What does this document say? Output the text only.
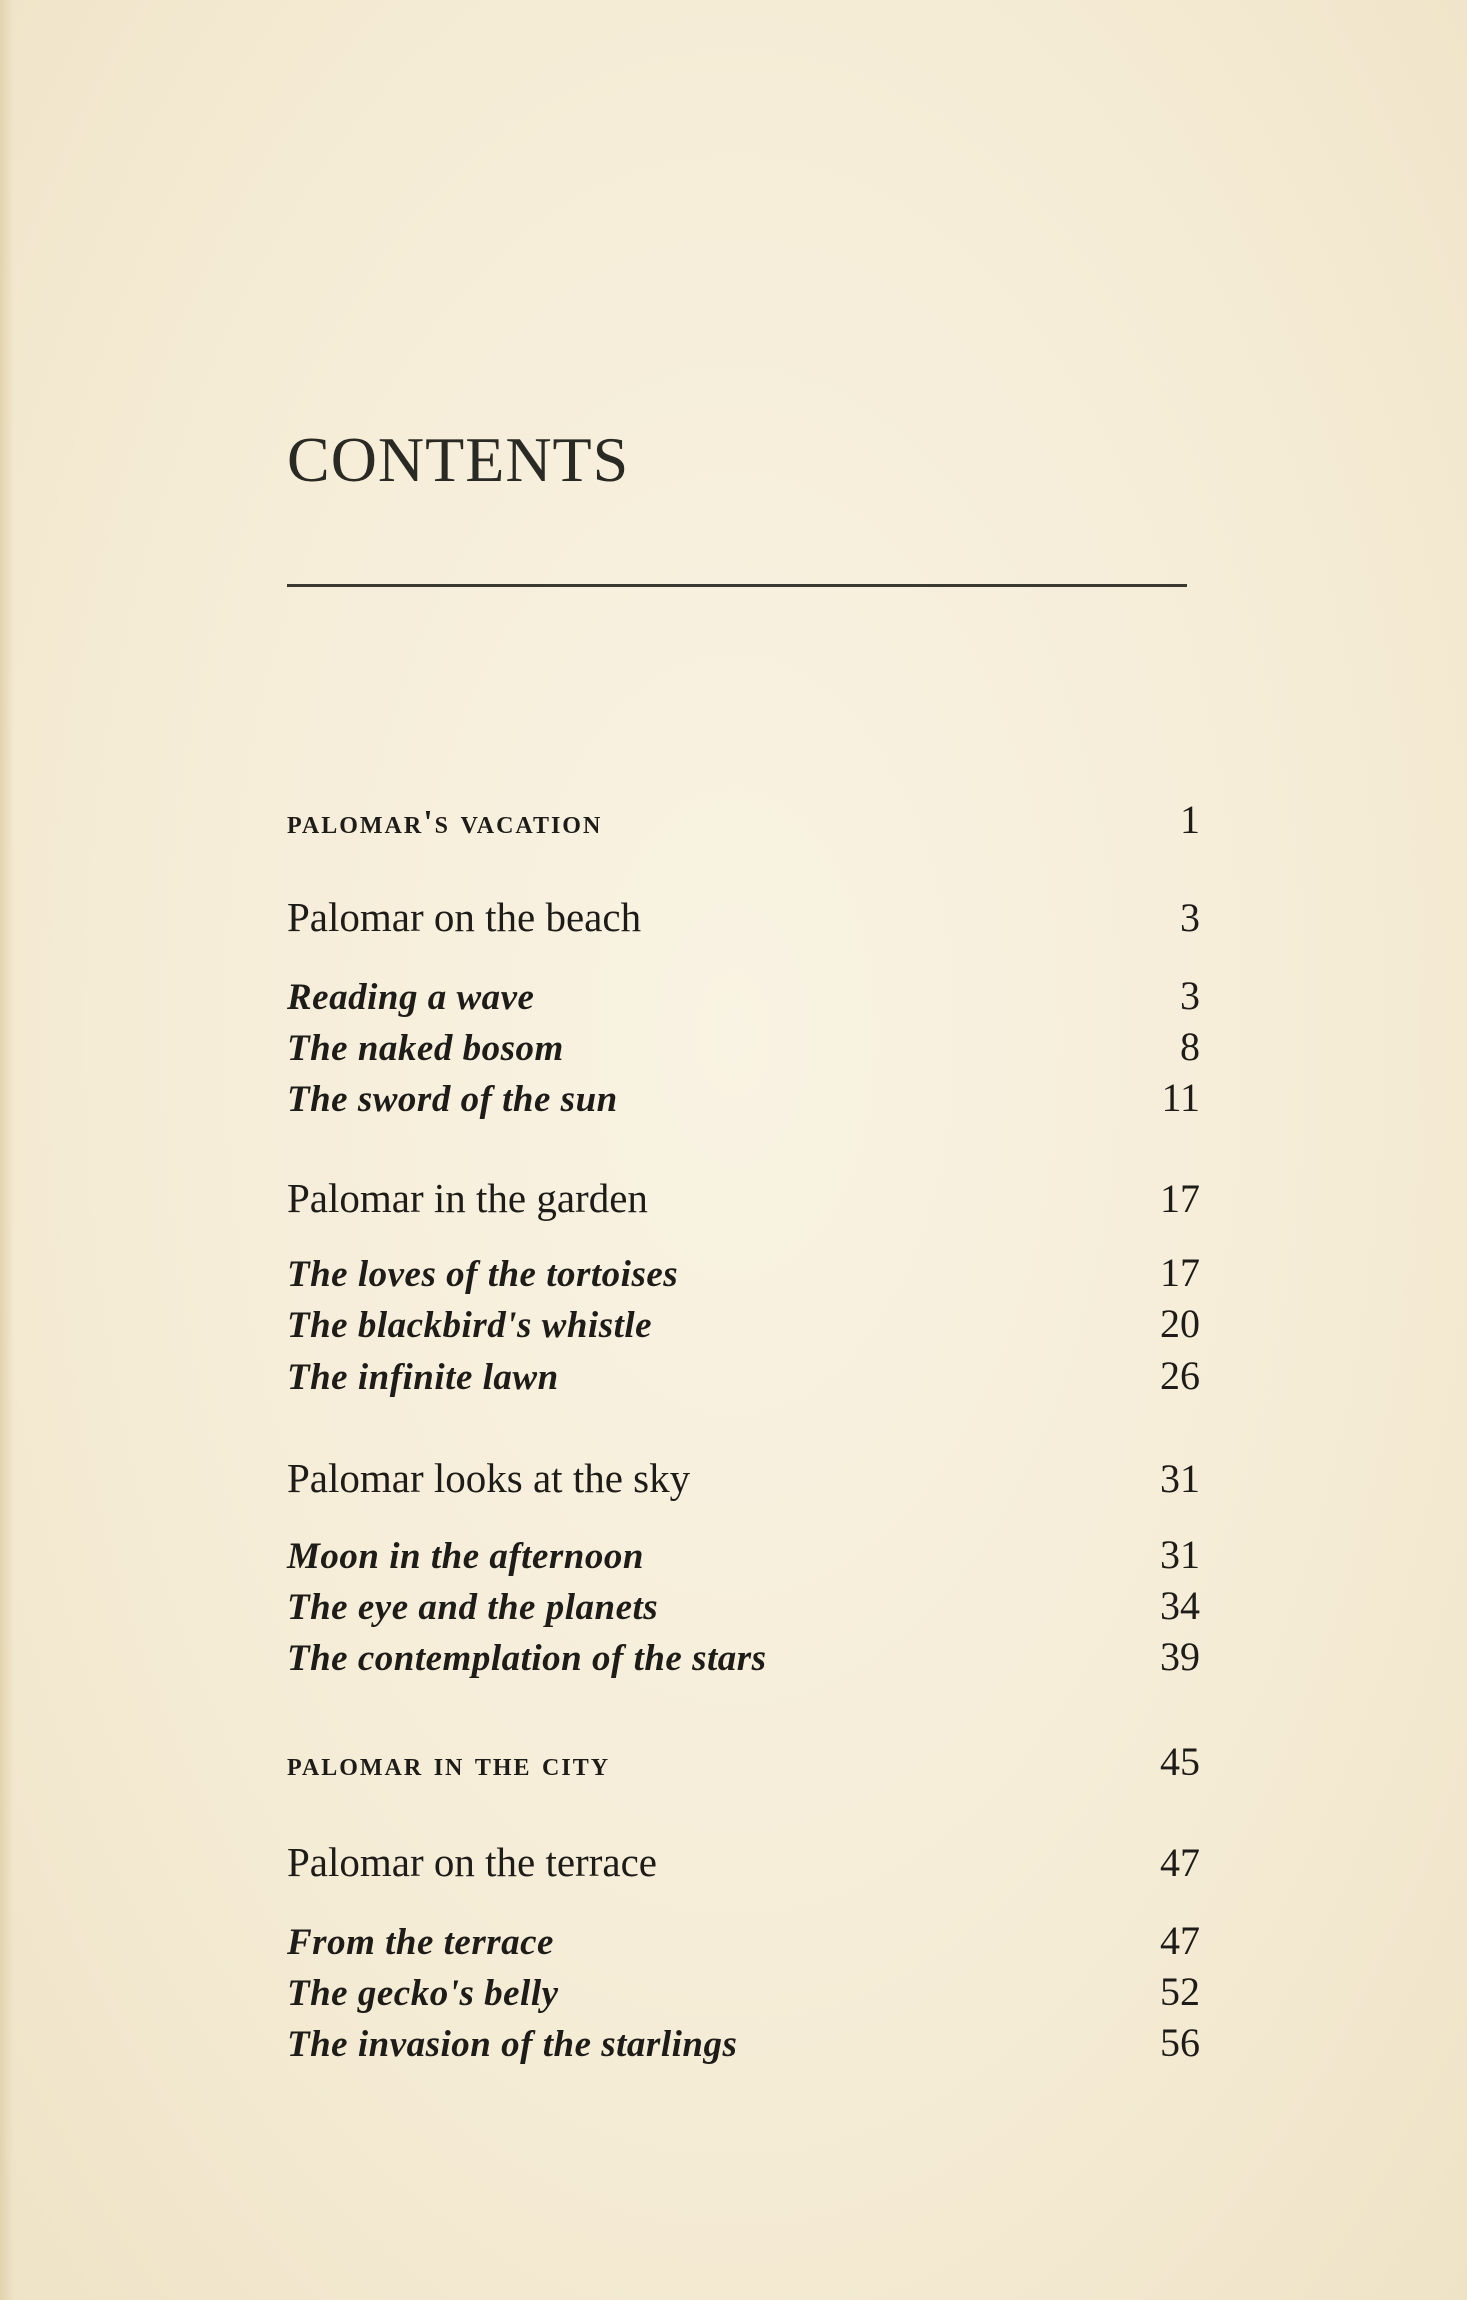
CONTENTS
palomar's vacation	1
Palomar on the beach	3
Reading a wave	3
The naked bosom	8
The sword of the sun	11
Palomar in the garden	17
The loves of the tortoises	17
The blackbird's whistle	20
The infinite lawn	26
Palomar looks at the sky	31
Moon in the afternoon	31
The eye and the planets	34
The contemplation of the stars	39
palomar in the city	45
Palomar on the terrace	47
From the terrace	47
The gecko's belly	52
The invasion of the starlings	56
